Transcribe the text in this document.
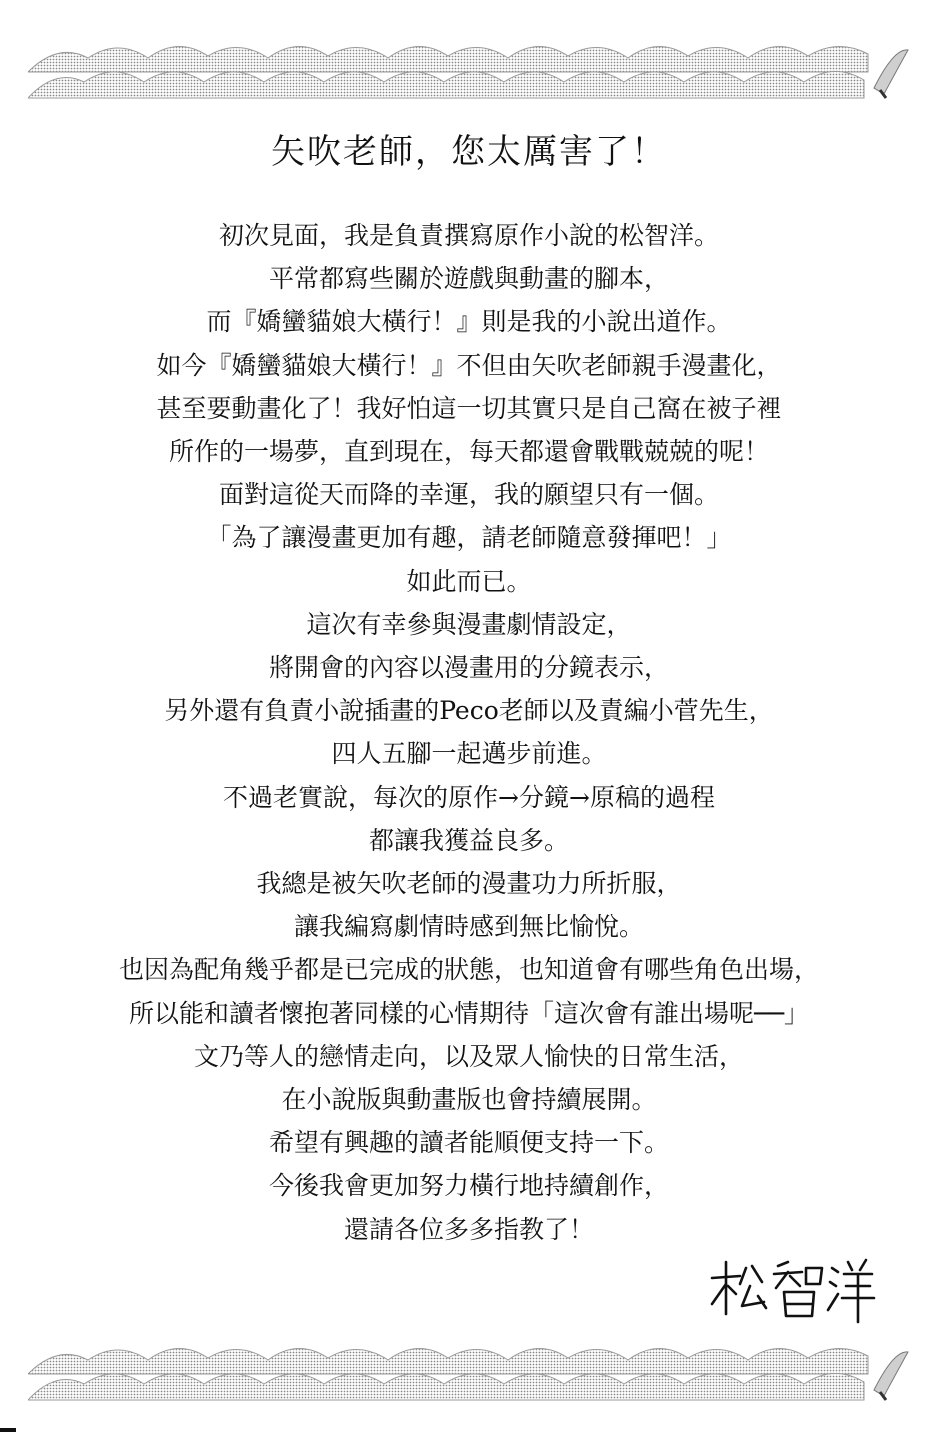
矢吹老師，您太厲害了！
初次見面，我是負責撰寫原作小說的松智洋。
平常都寫些關於遊戲與動畫的腳本，
而『嬌蠻貓娘大橫行！』則是我的小說出道作。
如今『嬌蠻貓娘大橫行！』不但由矢吹老師親手漫畫化，
甚至要動畫化了！我好怕這一切其實只是自己窩在被子裡
所作的一場夢，直到現在，每天都還會戰戰兢兢的呢！
面對這從天而降的幸運，我的願望只有一個。
「為了讓漫畫更加有趣，請老師隨意發揮吧！」
如此而已。
這次有幸參與漫畫劇情設定，
將開會的內容以漫畫用的分鏡表示，
另外還有負責小說插畫的Peco老師以及責編小菅先生，
四人五腳一起邁步前進。
不過老實說，每次的原作→分鏡→原稿的過程
都讓我獲益良多。
我總是被矢吹老師的漫畫功力所折服，
讓我編寫劇情時感到無比愉悅。
也因為配角幾乎都是已完成的狀態，也知道會有哪些角色出場，
所以能和讀者懷抱著同樣的心情期待「這次會有誰出場呢──」
文乃等人的戀情走向，以及眾人愉快的日常生活，
在小說版與動畫版也會持續展開。
希望有興趣的讀者能順便支持一下。
今後我會更加努力橫行地持續創作，
還請各位多多指教了！
